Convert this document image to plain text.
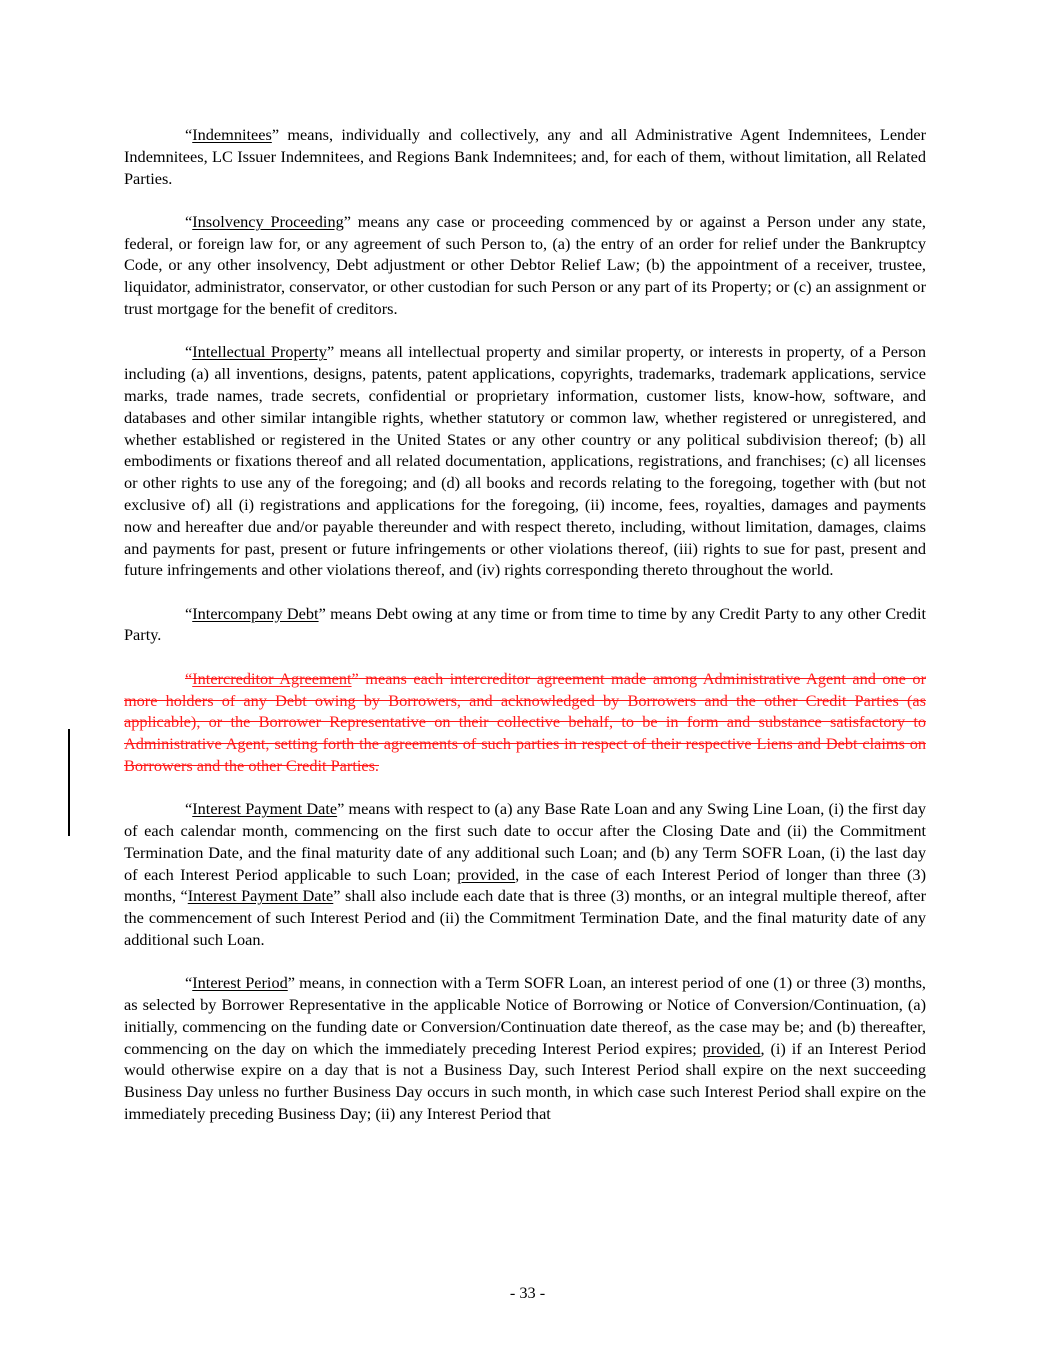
“Indemnitees” means, individually and collectively, any and all Administrative Agent Indemnitees, Lender Indemnitees, LC Issuer Indemnitees, and Regions Bank Indemnitees; and, for each of them, without limitation, all Related Parties.

“Insolvency Proceeding” means any case or proceeding commenced by or against a Person under any state, federal, or foreign law for, or any agreement of such Person to, (a) the entry of an order for relief under the Bankruptcy Code, or any other insolvency, Debt adjustment or other Debtor Relief Law; (b) the appointment of a receiver, trustee, liquidator, administrator, conservator, or other custodian for such Person or any part of its Property; or (c) an assignment or trust mortgage for the benefit of creditors.

“Intellectual Property” means all intellectual property and similar property, or interests in property, of a Person including (a) all inventions, designs, patents, patent applications, copyrights, trademarks, trademark applications, service marks, trade names, trade secrets, confidential or proprietary information, customer lists, know-how, software, and databases and other similar intangible rights, whether statutory or common law, whether registered or unregistered, and whether established or registered in the United States or any other country or any political subdivision thereof; (b) all embodiments or fixations thereof and all related documentation, applications, registrations, and franchises; (c) all licenses or other rights to use any of the foregoing; and (d) all books and records relating to the foregoing, together with (but not exclusive of) all (i) registrations and applications for the foregoing, (ii) income, fees, royalties, damages and payments now and hereafter due and/or payable thereunder and with respect thereto, including, without limitation, damages, claims and payments for past, present or future infringements or other violations thereof, (iii) rights to sue for past, present and future infringements and other violations thereof, and (iv) rights corresponding thereto throughout the world.

“Intercompany Debt” means Debt owing at any time or from time to time by any Credit Party to any other Credit Party.

“Intercreditor Agreement” means each intercreditor agreement made among Administrative Agent and one or more holders of any Debt owing by Borrowers, and acknowledged by Borrowers and the other Credit Parties (as applicable), or the Borrower Representative on their collective behalf, to be in form and substance satisfactory to Administrative Agent, setting forth the agreements of such parties in respect of their respective Liens and Debt claims on Borrowers and the other Credit Parties.

“Interest Payment Date” means with respect to (a) any Base Rate Loan and any Swing Line Loan, (i) the first day of each calendar month, commencing on the first such date to occur after the Closing Date and (ii) the Commitment Termination Date, and the final maturity date of any additional such Loan; and (b) any Term SOFR Loan, (i) the last day of each Interest Period applicable to such Loan; provided, in the case of each Interest Period of longer than three (3) months, “Interest Payment Date” shall also include each date that is three (3) months, or an integral multiple thereof, after the commencement of such Interest Period and (ii) the Commitment Termination Date, and the final maturity date of any additional such Loan.

“Interest Period” means, in connection with a Term SOFR Loan, an interest period of one (1) or three (3) months, as selected by Borrower Representative in the applicable Notice of Borrowing or Notice of Conversion/Continuation, (a) initially, commencing on the funding date or Conversion/Continuation date thereof, as the case may be; and (b) thereafter, commencing on the day on which the immediately preceding Interest Period expires; provided, (i) if an Interest Period would otherwise expire on a day that is not a Business Day, such Interest Period shall expire on the next succeeding Business Day unless no further Business Day occurs in such month, in which case such Interest Period shall expire on the immediately preceding Business Day; (ii) any Interest Period that

- 33 -
